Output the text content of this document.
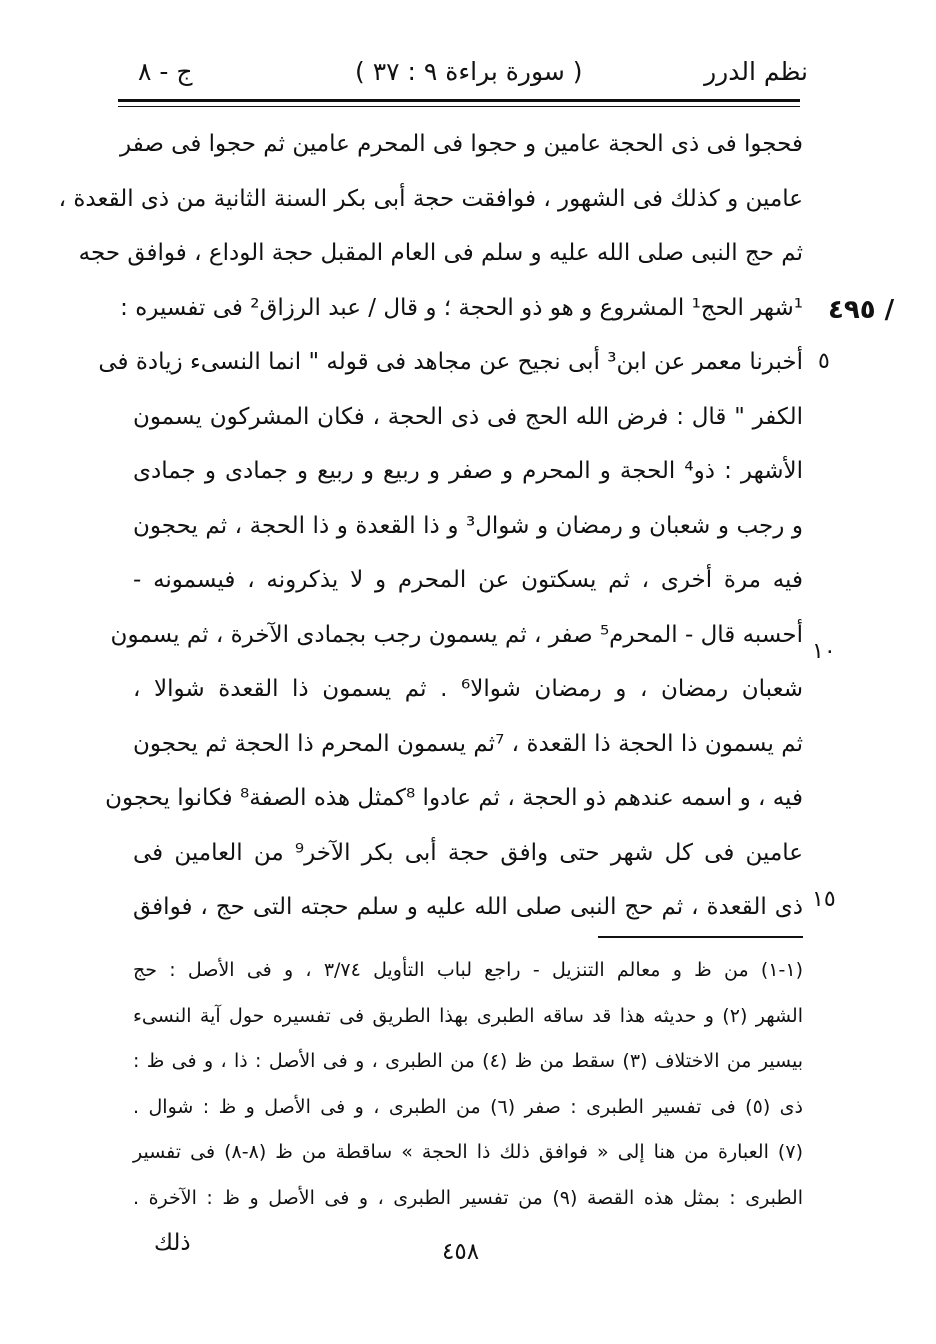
نظم الدرر
( سورة براءة ٩ : ٣٧ )
ج - ٨
٤٩٥ /
٥
١٠
١٥
فحجوا فى ذى الحجة عامين و حجوا فى المحرم عامين ثم حجوا فى صفر
عامين و كذلك فى الشهور ، فوافقت حجة أبى بكر السنة الثانية من ذى القعدة ،
ثم حج النبى صلى الله عليه و سلم فى العام المقبل حجة الوداع ، فوافق حجه
¹شهر الحج¹ المشروع و هو ذو الحجة ؛ و قال / عبد الرزاق² فى تفسيره :
أخبرنا معمر عن ابن³ أبى نجيح عن مجاهد فى قوله " انما النسىء زيادة فى
الكفر " قال : فرض الله الحج فى ذى الحجة ، فكان المشركون يسمون
الأشهر : ذو⁴ الحجة و المحرم و صفر و ربيع و ربيع و جمادى و جمادى
و رجب و شعبان و رمضان و شوال³ و ذا القعدة و ذا الحجة ، ثم يحجون
فيه مرة أخرى ، ثم يسكتون عن المحرم و لا يذكرونه ، فيسمونه -
أحسبه قال - المحرم⁵ صفر ، ثم يسمون رجب بجمادى الآخرة ، ثم يسمون
شعبان رمضان ، و رمضان شوالا⁶ . ثم يسمون ذا القعدة شوالا ،
ثم يسمون ذا الحجة ذا القعدة ، ⁷ثم يسمون المحرم ذا الحجة ثم يحجون
فيه ، و اسمه عندهم ذو الحجة ، ثم عادوا ⁸كمثل هذه الصفة⁸ فكانوا يحجون
عامين فى كل شهر حتى وافق حجة أبى بكر الآخر⁹ من العامين فى
ذى القعدة ، ثم حج النبى صلى الله عليه و سلم حجته التى حج ، فوافق
(١-١) من ظ و معالم التنزيل - راجع لباب التأويل ٣/٧٤ ، و فى الأصل : حج
الشهر (٢) و حديثه هذا قد ساقه الطبرى بهذا الطريق فى تفسيره حول آية النسىء
بيسير من الاختلاف (٣) سقط من ظ (٤) من الطبرى ، و فى الأصل : ذا ، و فى ظ :
ذى (٥) فى تفسير الطبرى : صفر (٦) من الطبرى ، و فى الأصل و ظ : شوال .
(٧) العبارة من هنا إلى « فوافق ذلك ذا الحجة » ساقطة من ظ (٨-٨) فى تفسير
الطبرى : بمثل هذه القصة (٩) من تفسير الطبرى ، و فى الأصل و ظ : الآخرة .
٤٥٨
ذلك
